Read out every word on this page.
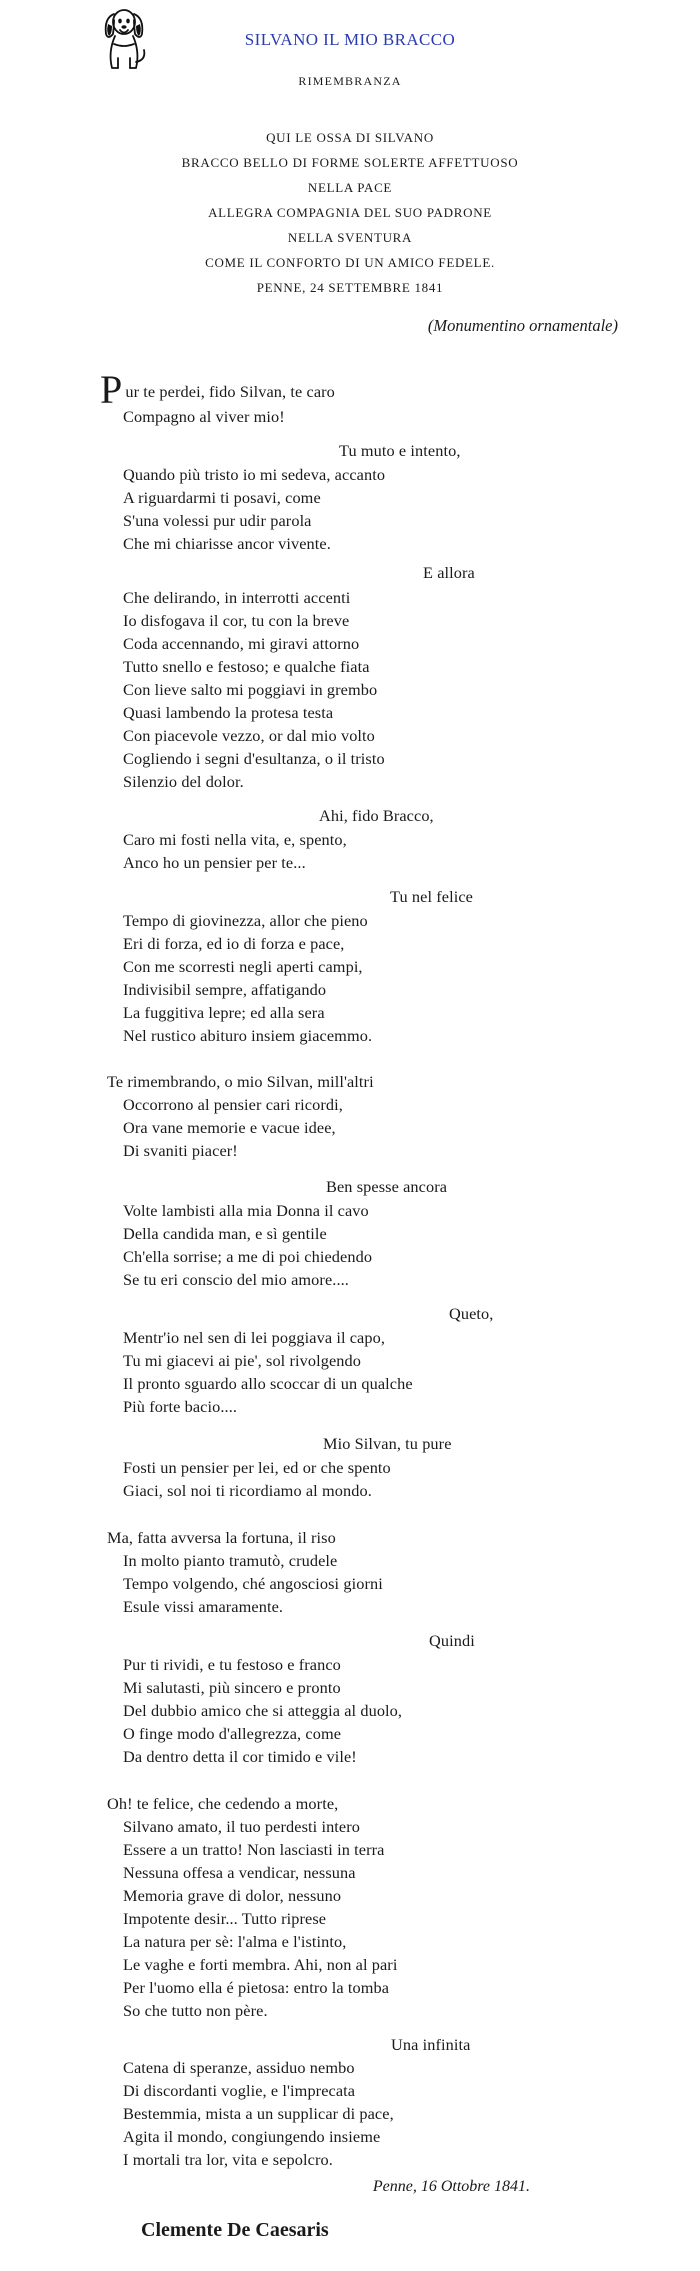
SILVANO IL MIO BRACCO
RIMEMBRANZA
QUI LE OSSA DI SILVANO
BRACCO BELLO DI FORME SOLERTE AFFETTUOSO
NELLA PACE
ALLEGRA COMPAGNIA DEL SUO PADRONE
NELLA SVENTURA
COME IL CONFORTO DI UN AMICO FEDELE.
PENNE, 24 SETTEMBRE 1841
(Monumentino ornamentale)
Pur te perdei, fido Silvan, te caro
Compagno al viver mio!
Tu muto e intento,
Quando più tristo io mi sedeva, accanto
A riguardarmi ti posavi, come
S'una volessi pur udir parola
Che mi chiarisse ancor vivente.
E allora
Che delirando, in interrotti accenti
Io disfogava il cor, tu con la breve
Coda accennando, mi giravi attorno
Tutto snello e festoso; e qualche fiata
Con lieve salto mi poggiavi in grembo
Quasi lambendo la protesa testa
Con piacevole vezzo, or dal mio volto
Cogliendo i segni d'esultanza, o il tristo
Silenzio del dolor.
Ahi, fido Bracco,
Caro mi fosti nella vita, e, spento,
Anco ho un pensier per te...
Tu nel felice
Tempo di giovinezza, allor che pieno
Eri di forza, ed io di forza e pace,
Con me scorresti negli aperti campi,
Indivisibil sempre, affatigando
La fuggitiva lepre; ed alla sera
Nel rustico abituro insiem giacemmo.
Te rimembrando, o mio Silvan, mill'altri
Occorrono al pensier cari ricordi,
Ora vane memorie e vacue idee,
Di svaniti piacer!
Ben spesse ancora
Volte lambisti alla mia Donna il cavo
Della candida man, e sì gentile
Ch'ella sorrise; a me di poi chiedendo
Se tu eri conscio del mio amore....
Queto,
Mentr'io nel sen di lei poggiava il capo,
Tu mi giacevi ai pie', sol rivolgendo
Il pronto sguardo allo scoccar di un qualche
Più forte bacio....
Mio Silvan, tu pure
Fosti un pensier per lei, ed or che spento
Giaci, sol noi ti ricordiamo al mondo.
Ma, fatta avversa la fortuna, il riso
In molto pianto tramutò, crudele
Tempo volgendo, ché angosciosi giorni
Esule vissi amaramente.
Quindi
Pur ti rividi, e tu festoso e franco
Mi salutasti, più sincero e pronto
Del dubbio amico che si atteggia al duolo,
O finge modo d'allegrezza, come
Da dentro detta il cor timido e vile!
Oh! te felice, che cedendo a morte,
Silvano amato, il tuo perdesti intero
Essere a un tratto! Non lasciasti in terra
Nessuna offesa a vendicar, nessuna
Memoria grave di dolor, nessuno
Impotente desir... Tutto riprese
La natura per sè: l'alma e l'istinto,
Le vaghe e forti membra. Ahi, non al pari
Per l'uomo ella é pietosa: entro la tomba
So che tutto non père.
Una infinita
Catena di speranze, assiduo nembo
Di discordanti voglie, e l'imprecata
Bestemmia, mista a un supplicar di pace,
Agita il mondo, congiungendo insieme
I mortali tra lor, vita e sepolcro.
Penne, 16 Ottobre 1841.
Clemente De Caesaris
